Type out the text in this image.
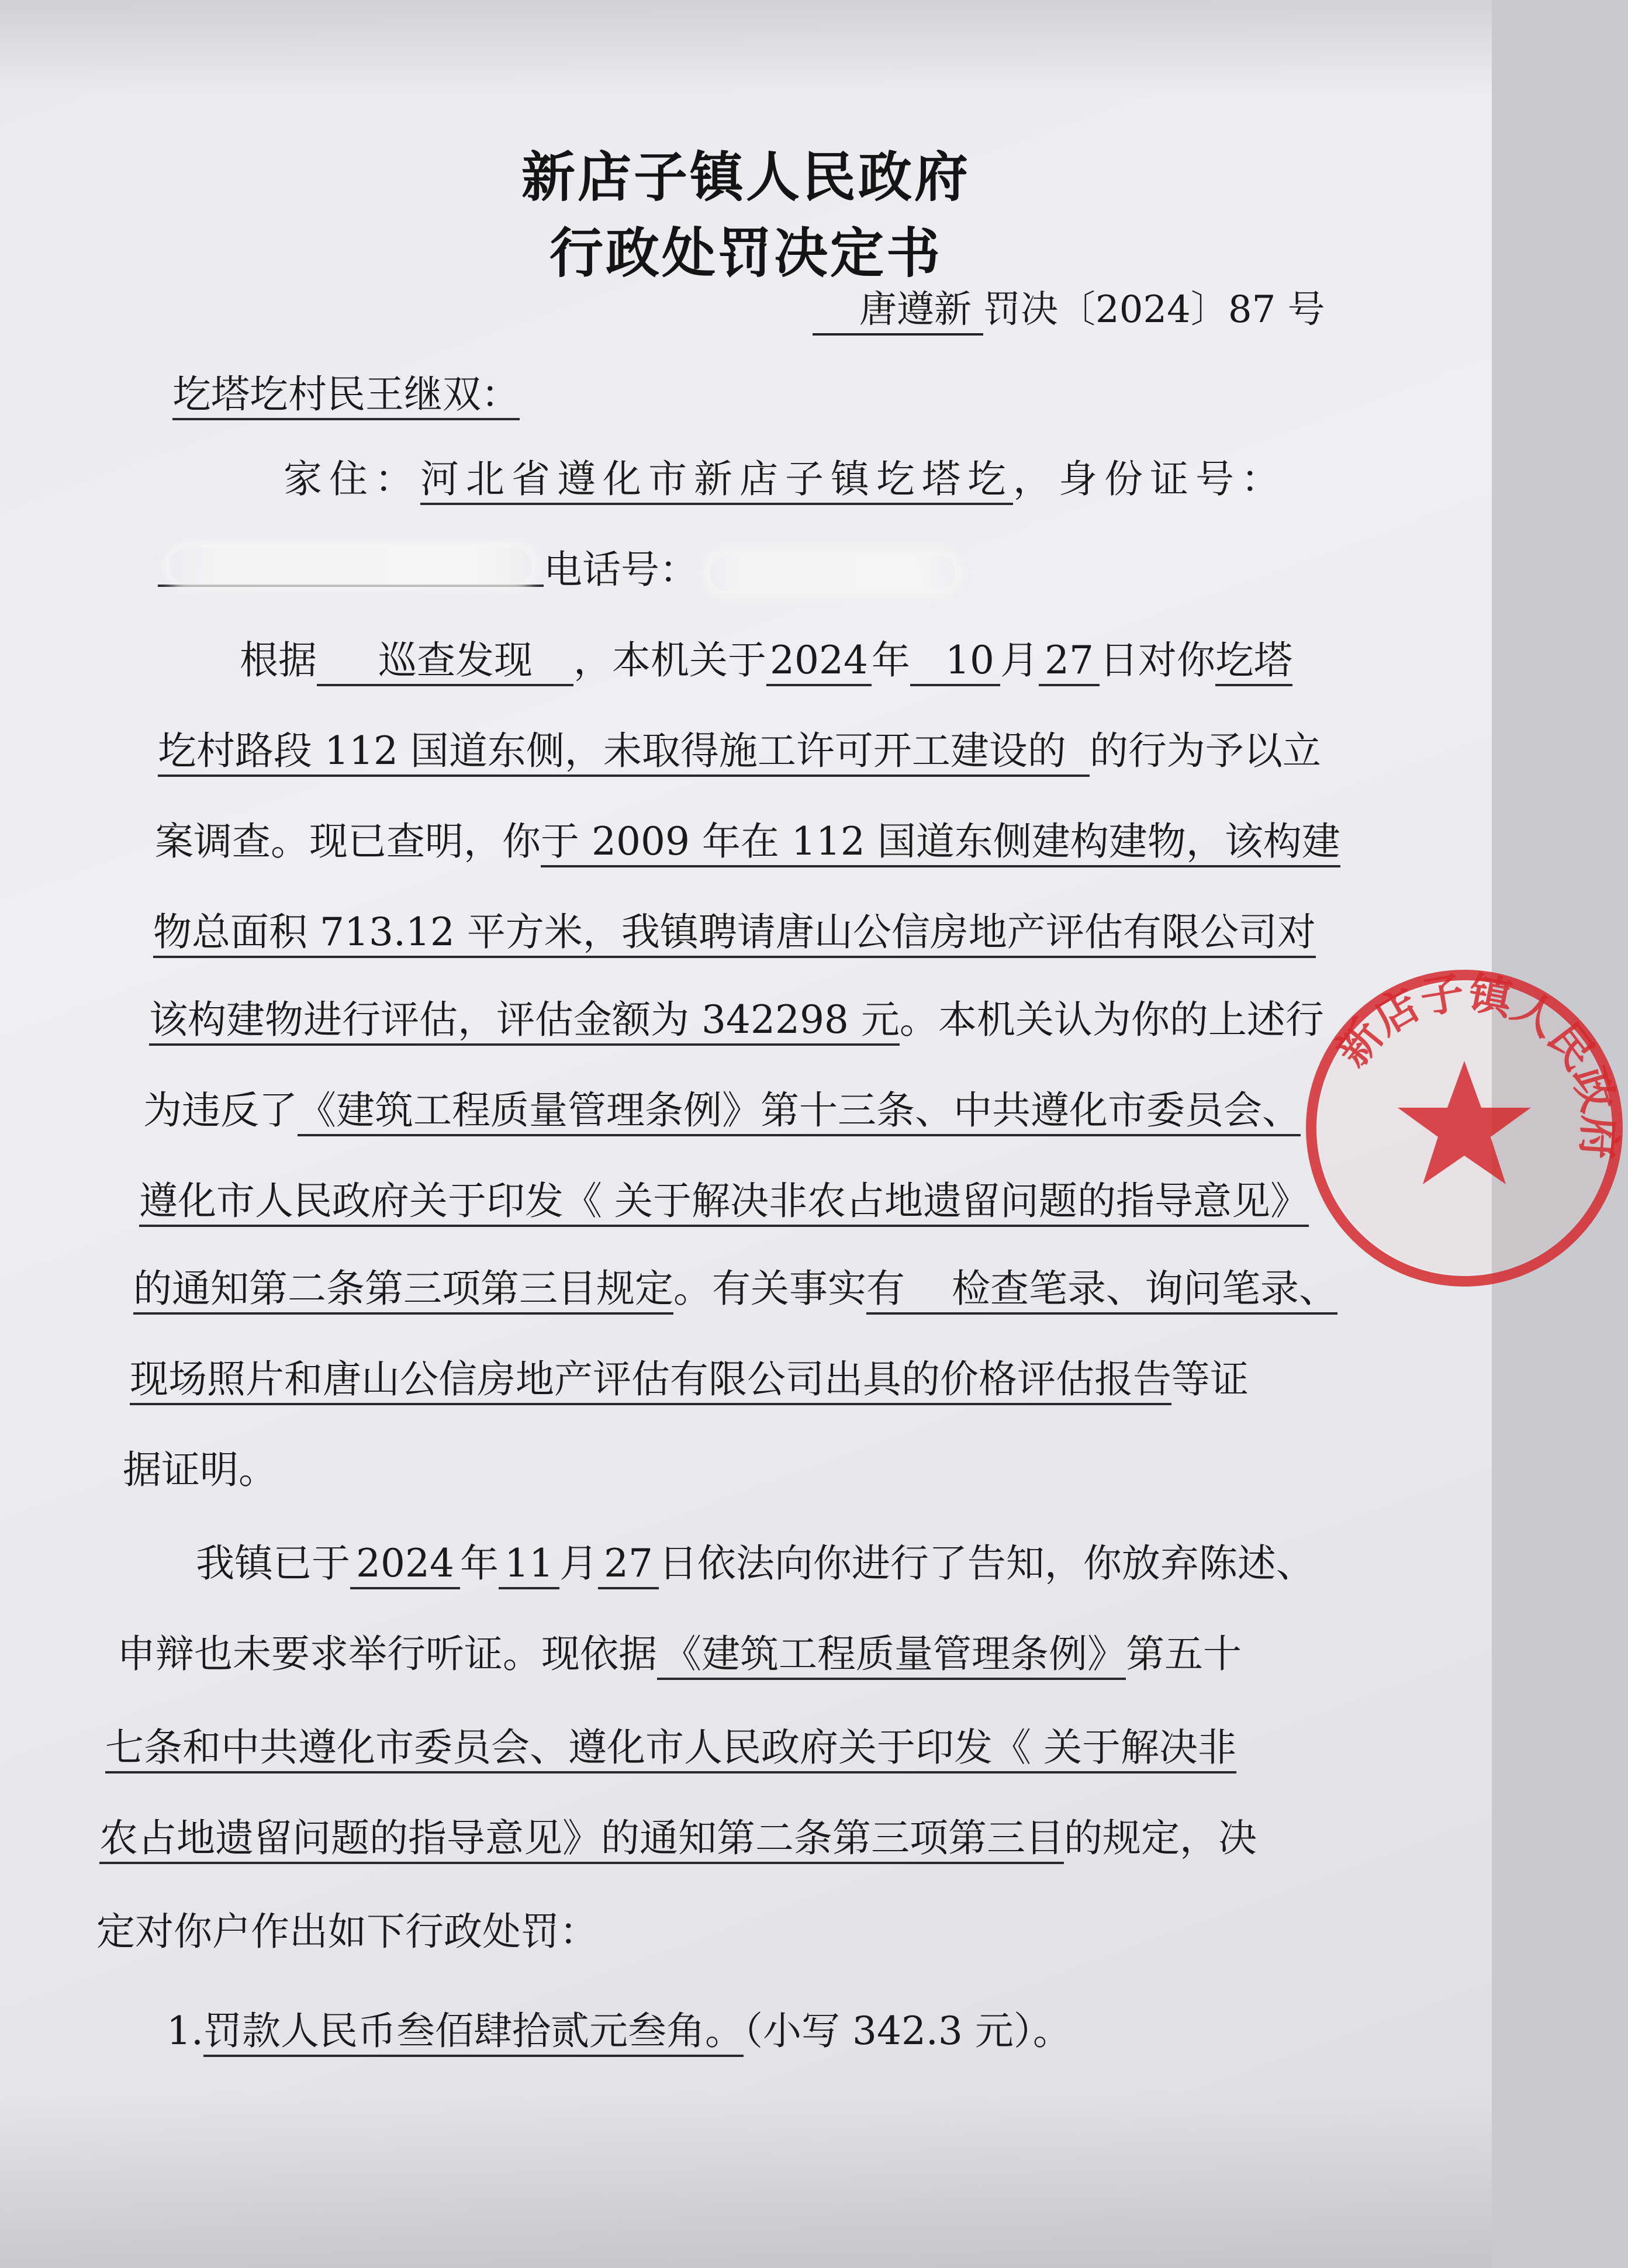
新店子镇人民政府
行政处罚决定书
唐遵新 罚决〔2024〕87 号
圪塔圪村民王继双：
家住：河北省遵化市新店子镇圪塔圪，身份证号：
电话号：
根据 巡查发现 ，本机关于2024年 10 月 27 日对你圪塔
圪村路段 112 国道东侧，未取得施工许可开工建设的 的行为予以立
案调查。现已查明，你于 2009 年在 112 国道东侧建构建物，该构建
物总面积 713.12 平方米，我镇聘请唐山公信房地产评估有限公司对
该构建物进行评估，评估金额为 342298 元。本机关认为你的上述行
为违反了《建筑工程质量管理条例》第十三条、中共遵化市委员会、
遵化市人民政府关于印发《 关于解决非农占地遗留问题的指导意见》
的通知第二条第三项第三目规定。有关事实有 检查笔录、询问笔录、
现场照片和唐山公信房地产评估有限公司出具的价格评估报告等证
据证明。
我镇已于 2024 年 11 月 27 日依法向你进行了告知，你放弃陈述、
申辩也未要求举行听证。现依据 《建筑工程质量管理条例》第五十
七条和中共遵化市委员会、遵化市人民政府关于印发《 关于解决非
农占地遗留问题的指导意见》的通知第二条第三项第三目的规定，决
定对你户作出如下行政处罚：
1.罚款人民币叁佰肆拾贰元叁角。（小写 342.3 元）。
新店子镇人民政府
